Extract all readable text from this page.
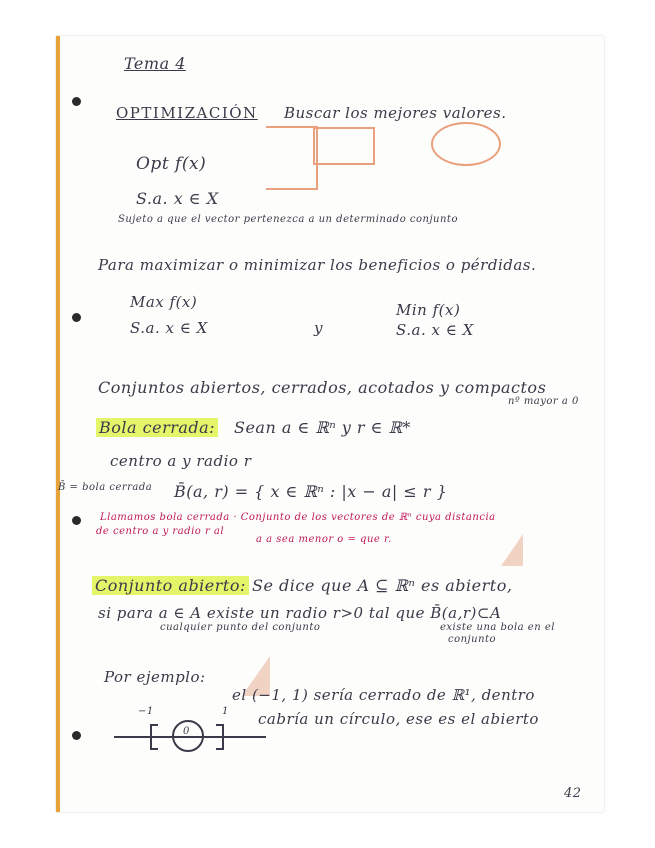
Tema 4
OPTIMIZACIÓN Buscar los mejores valores.
Opt f(x)
S.a. x ∈ X
Sujeto a que el vector pertenezca a un determinado conjunto
Para maximizar o minimizar los beneficios o pérdidas.
Max f(x)
S.a. x ∈ X	y
Min f(x)
S.a. x ∈ X
Conjuntos abiertos, cerrados, acotados y compactos
Bola cerrada: Sean a ∈ ℝⁿ y r ∈ ℝ*
nº mayor a 0
centro a y radio r
B̄ = bola cerrada B̄(a, r) = { x ∈ ℝⁿ : |x − a| ≤ r }
Llamamos bola cerrada · Conjunto de los vectores de ℝⁿ cuya distancia
de centro a y radio r al
a a sea menor o = que r.
Conjunto abierto: Se dice que A ⊆ ℝⁿ es abierto,
si para a ∈ A existe un radio r>0 tal que B̄(a,r)⊂A
cualquier punto del conjunto	existe una bola en el
conjunto
Por ejemplo:
el (−1, 1) sería cerrado de ℝ¹, dentro
cabría un círculo, ese es el abierto
−1
0
1
42
